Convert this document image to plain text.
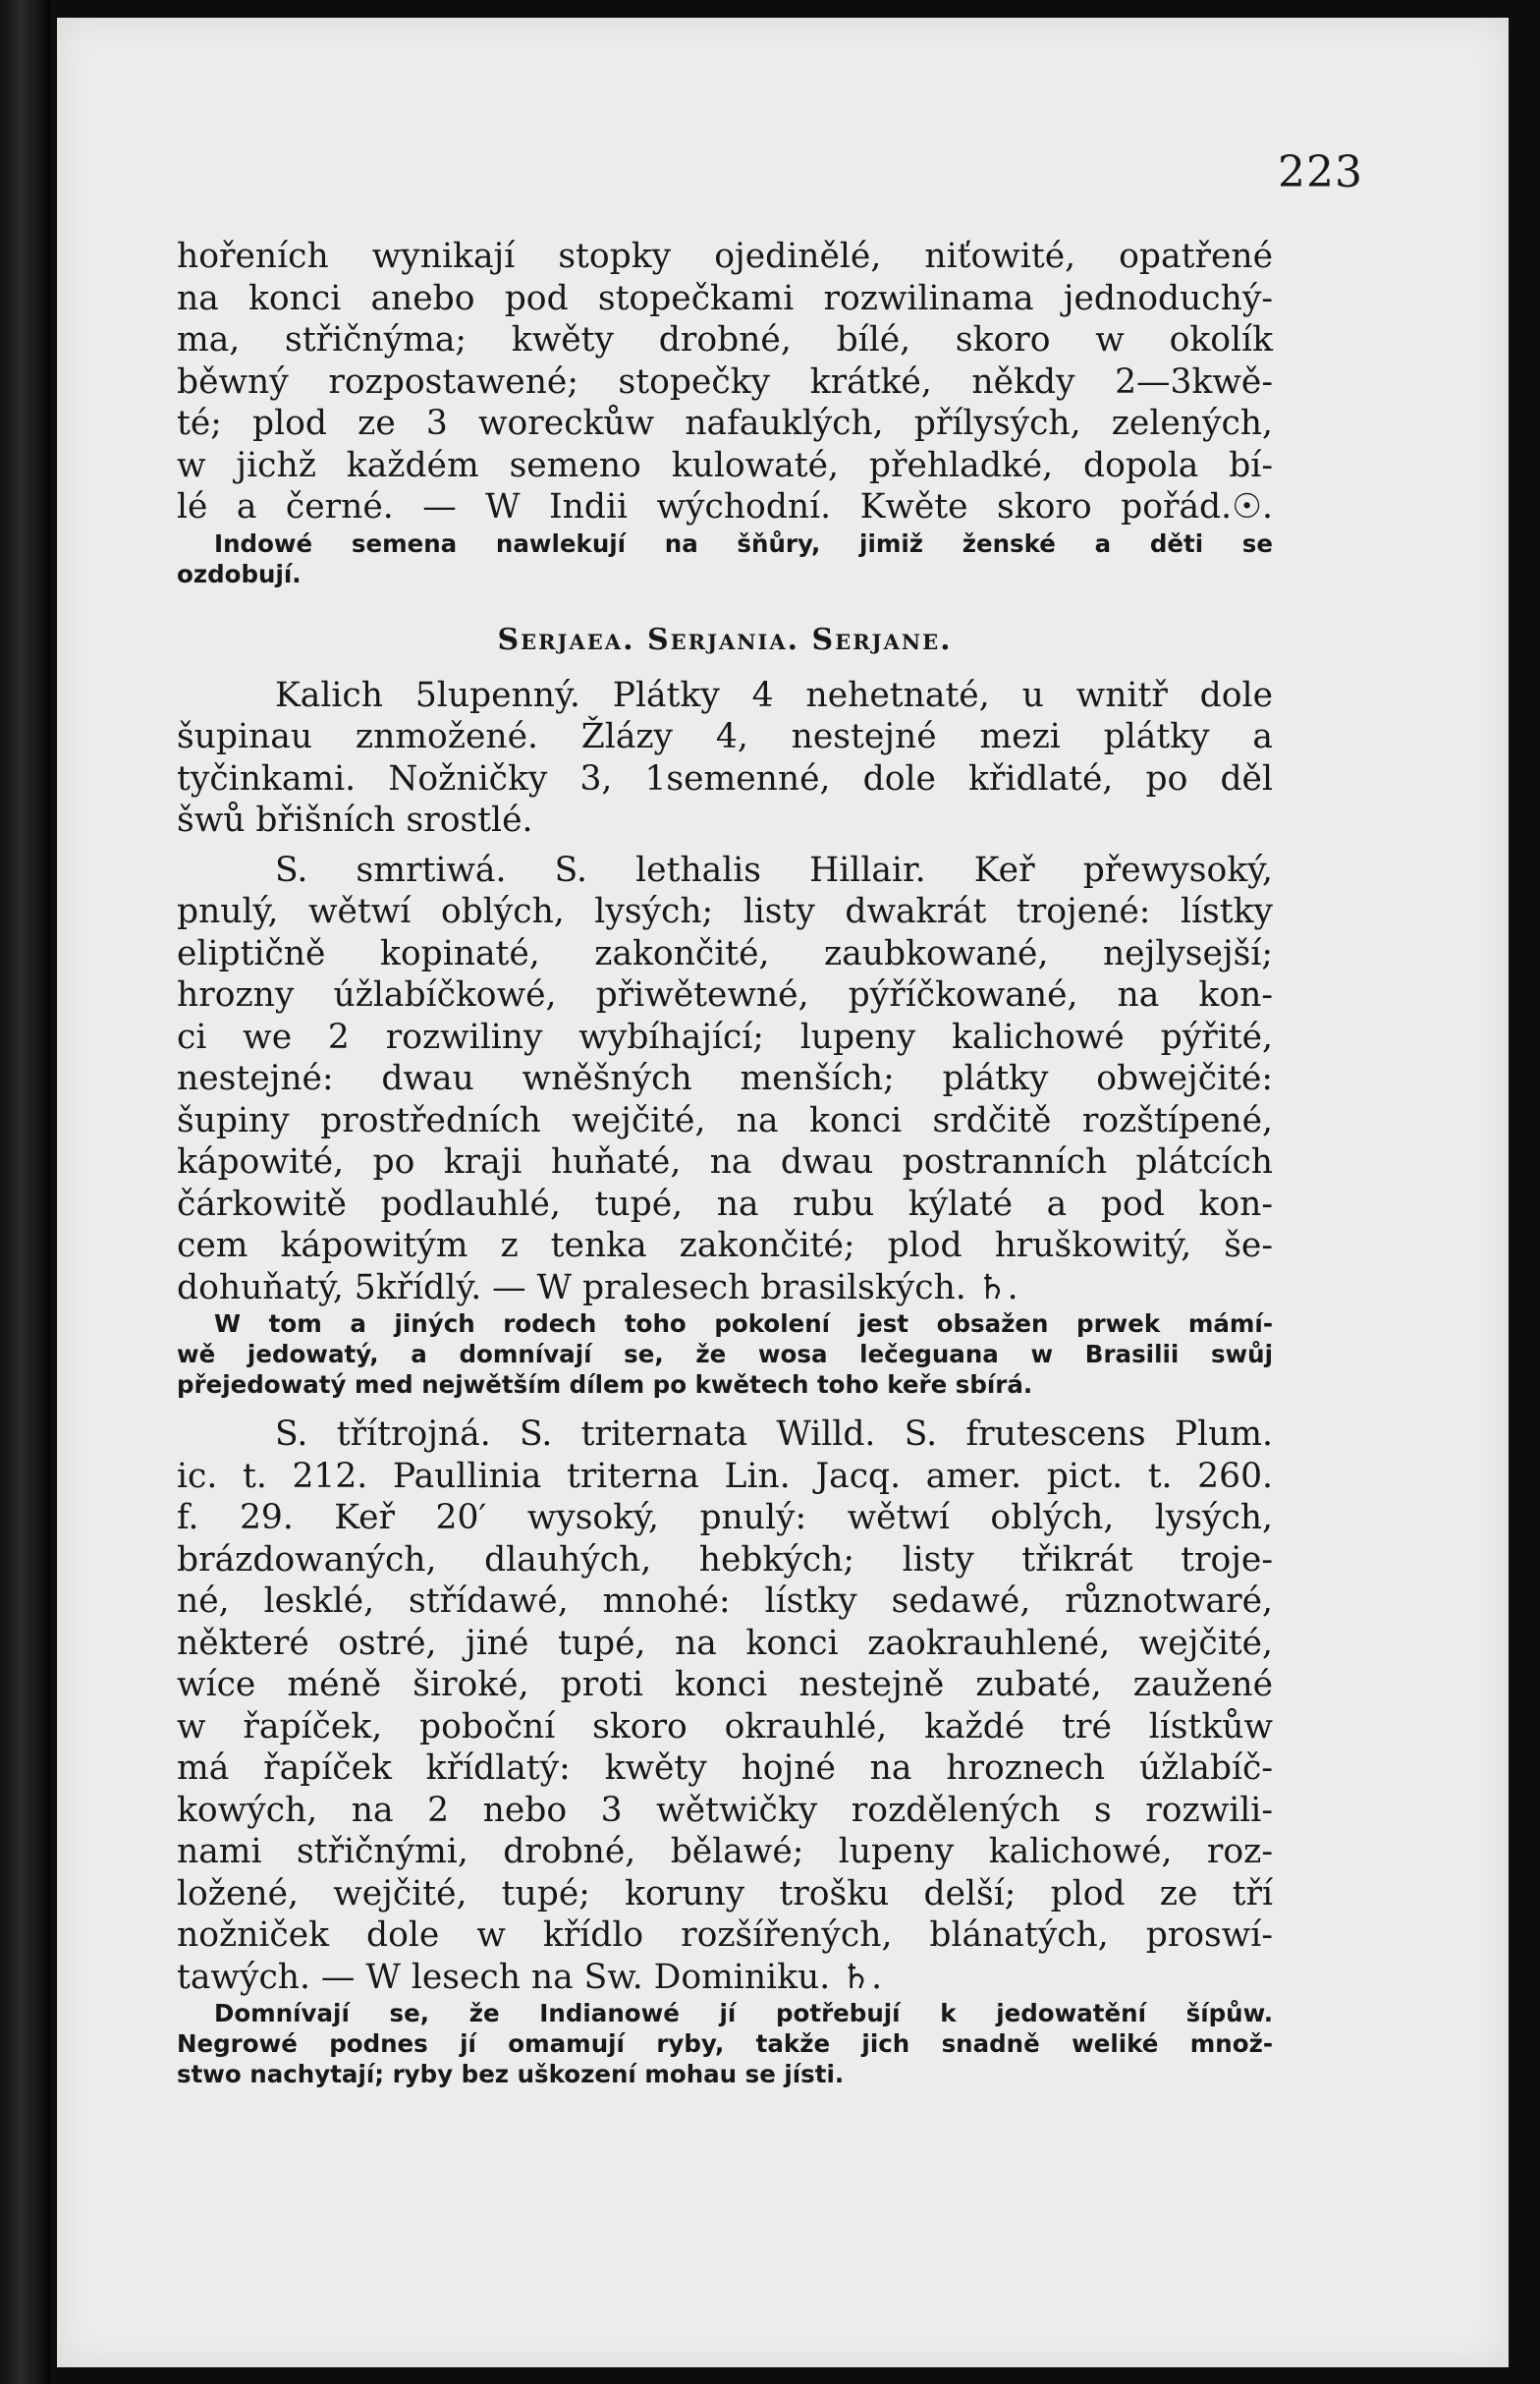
223
hořeních wynikají stopky ojedinělé, niťowité, opatřené
na konci anebo pod stopečkami rozwilinama jednoduchý-
ma, střičnýma; kwěty drobné, bílé, skoro w okolík
běwný rozpostawené; stopečky krátké, někdy 2—3kwě-
té; plod ze 3 woreckůw nafauklých, přílysých, zelených,
w jichž každém semeno kulowaté, přehladké, dopola bí-
lé a černé. — W Indii wýchodní. Kwěte skoro pořád.☉.
Indowé semena nawlekují na šňůry, jimiž ženské a děti se
ozdobují.
Serjaea. Serjania. Serjane.
Kalich 5lupenný. Plátky 4 nehetnaté, u wnitř dole
šupinau znmožené. Žlázy 4, nestejné mezi plátky a
tyčinkami. Nožničky 3, 1semenné, dole křidlaté, po děl
šwů břišních srostlé.
S. smrtiwá. S. lethalis Hillair. Keř přewysoký,
pnulý, wětwí oblých, lysých; listy dwakrát trojené: lístky
eliptičně kopinaté, zakončité, zaubkowané, nejlysejší;
hrozny úžlabíčkowé, přiwětewné, pýříčkowané, na kon-
ci we 2 rozwiliny wybíhající; lupeny kalichowé pýřité,
nestejné: dwau wněšných menších; plátky obwejčité:
šupiny prostředních wejčité, na konci srdčitě rozštípené,
kápowité, po kraji huňaté, na dwau postranních plátcích
čárkowitě podlauhlé, tupé, na rubu kýlaté a pod kon-
cem kápowitým z tenka zakončité; plod hruškowitý, še-
dohuňatý, 5křídlý. — W pralesech brasilských. ♄.
W tom a jiných rodech toho pokolení jest obsažen prwek mámí-
wě jedowatý, a domnívají se, že wosa lečeguana w Brasilii swůj
přejedowatý med nejwětším dílem po kwětech toho keře sbírá.
S. třítrojná. S. triternata Willd. S. frutescens Plum.
ic. t. 212. Paullinia triterna Lin. Jacq. amer. pict. t. 260.
f. 29. Keř 20′ wysoký, pnulý: wětwí oblých, lysých,
brázdowaných, dlauhých, hebkých; listy třikrát troje-
né, lesklé, střídawé, mnohé: lístky sedawé, různotwaré,
některé ostré, jiné tupé, na konci zaokrauhlené, wejčité,
wíce méně široké, proti konci nestejně zubaté, zaužené
w řapíček, poboční skoro okrauhlé, každé tré lístkůw
má řapíček křídlatý: kwěty hojné na hroznech úžlabíč-
kowých, na 2 nebo 3 wětwičky rozdělených s rozwili-
nami střičnými, drobné, bělawé; lupeny kalichowé, roz-
ložené, wejčité, tupé; koruny trošku delší; plod ze tří
nožniček dole w křídlo rozšířených, blánatých, proswí-
tawých. — W lesech na Sw. Dominiku. ♄.
Domnívají se, že Indianowé jí potřebují k jedowatění šípůw.
Negrowé podnes jí omamují ryby, takže jich snadně weliké množ-
stwo nachytají; ryby bez uškození mohau se jísti.
